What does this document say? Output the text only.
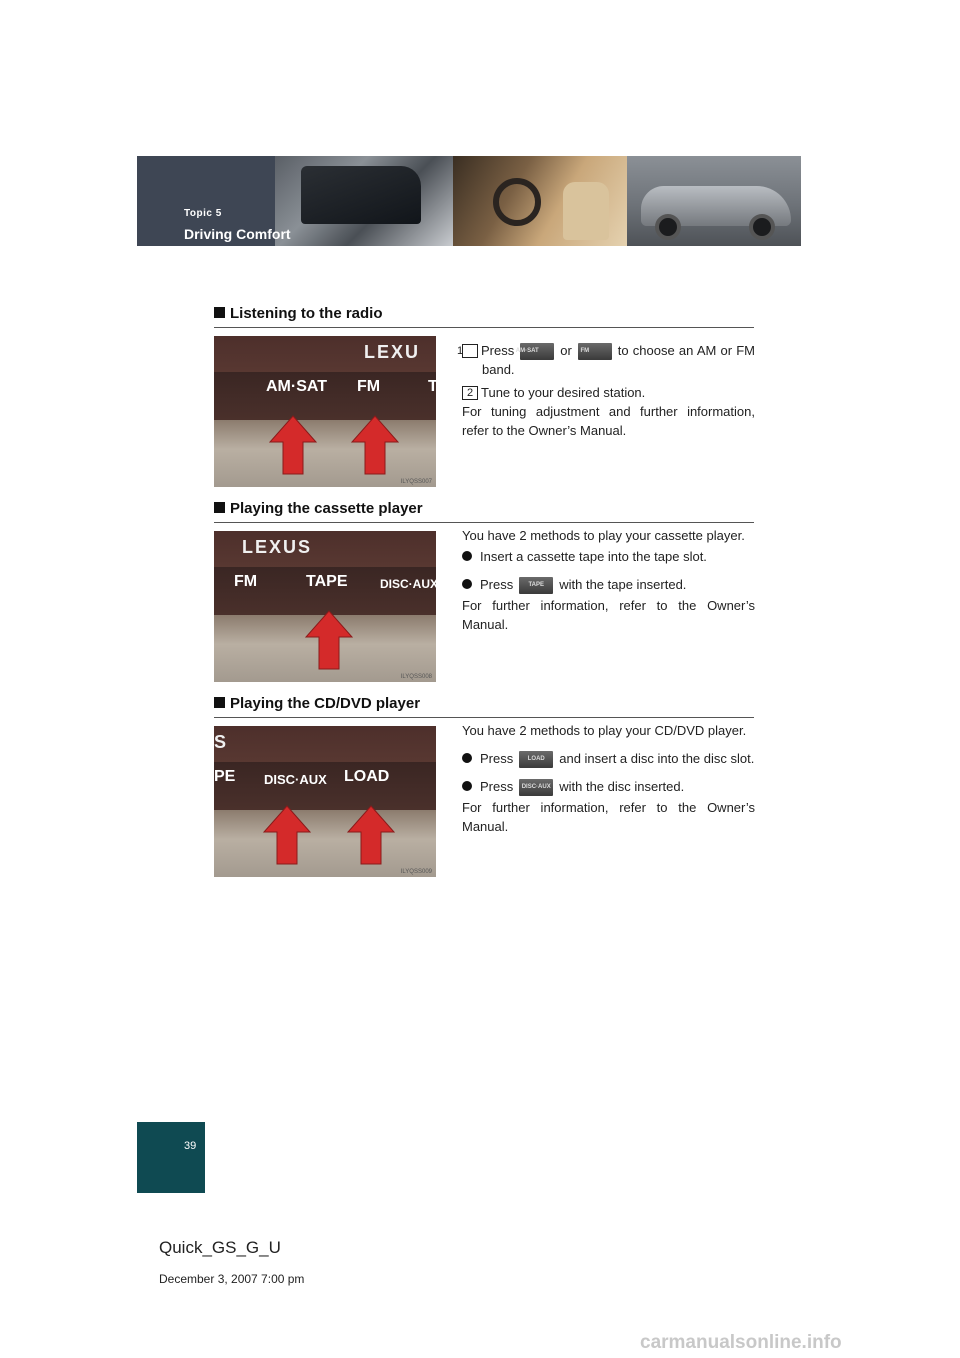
Topic 5
Driving Comfort
Listening to the radio
LEXU
AM·SAT FM	T
ILYQSS007

1 Press AM·SAT or FM to choose an AM or FM band.

2 Tune to your desired station.

For tuning adjustment and further information, refer to the Owner’s Manual.

Playing the cassette player
LEXUS
FM	TAPE	DISC·AUX
ILYQSS008

You have 2 methods to play your cassette player.

Insert a cassette tape into the tape slot.

Press	TAPE with the tape inserted.

For further information, refer to the Owner’s Manual.

Playing the CD/DVD player
S
PE DISC·AUX LOAD
ILYQSS009

You have 2 methods to play your CD/DVD player.

Press LOAD and insert a disc into the disc slot.

Press DISC·AUX with the disc inserted.

For further information, refer to the Owner’s Manual.

39
Quick_GS_G_U
December 3, 2007 7:00 pm
carmanualsonline.info
